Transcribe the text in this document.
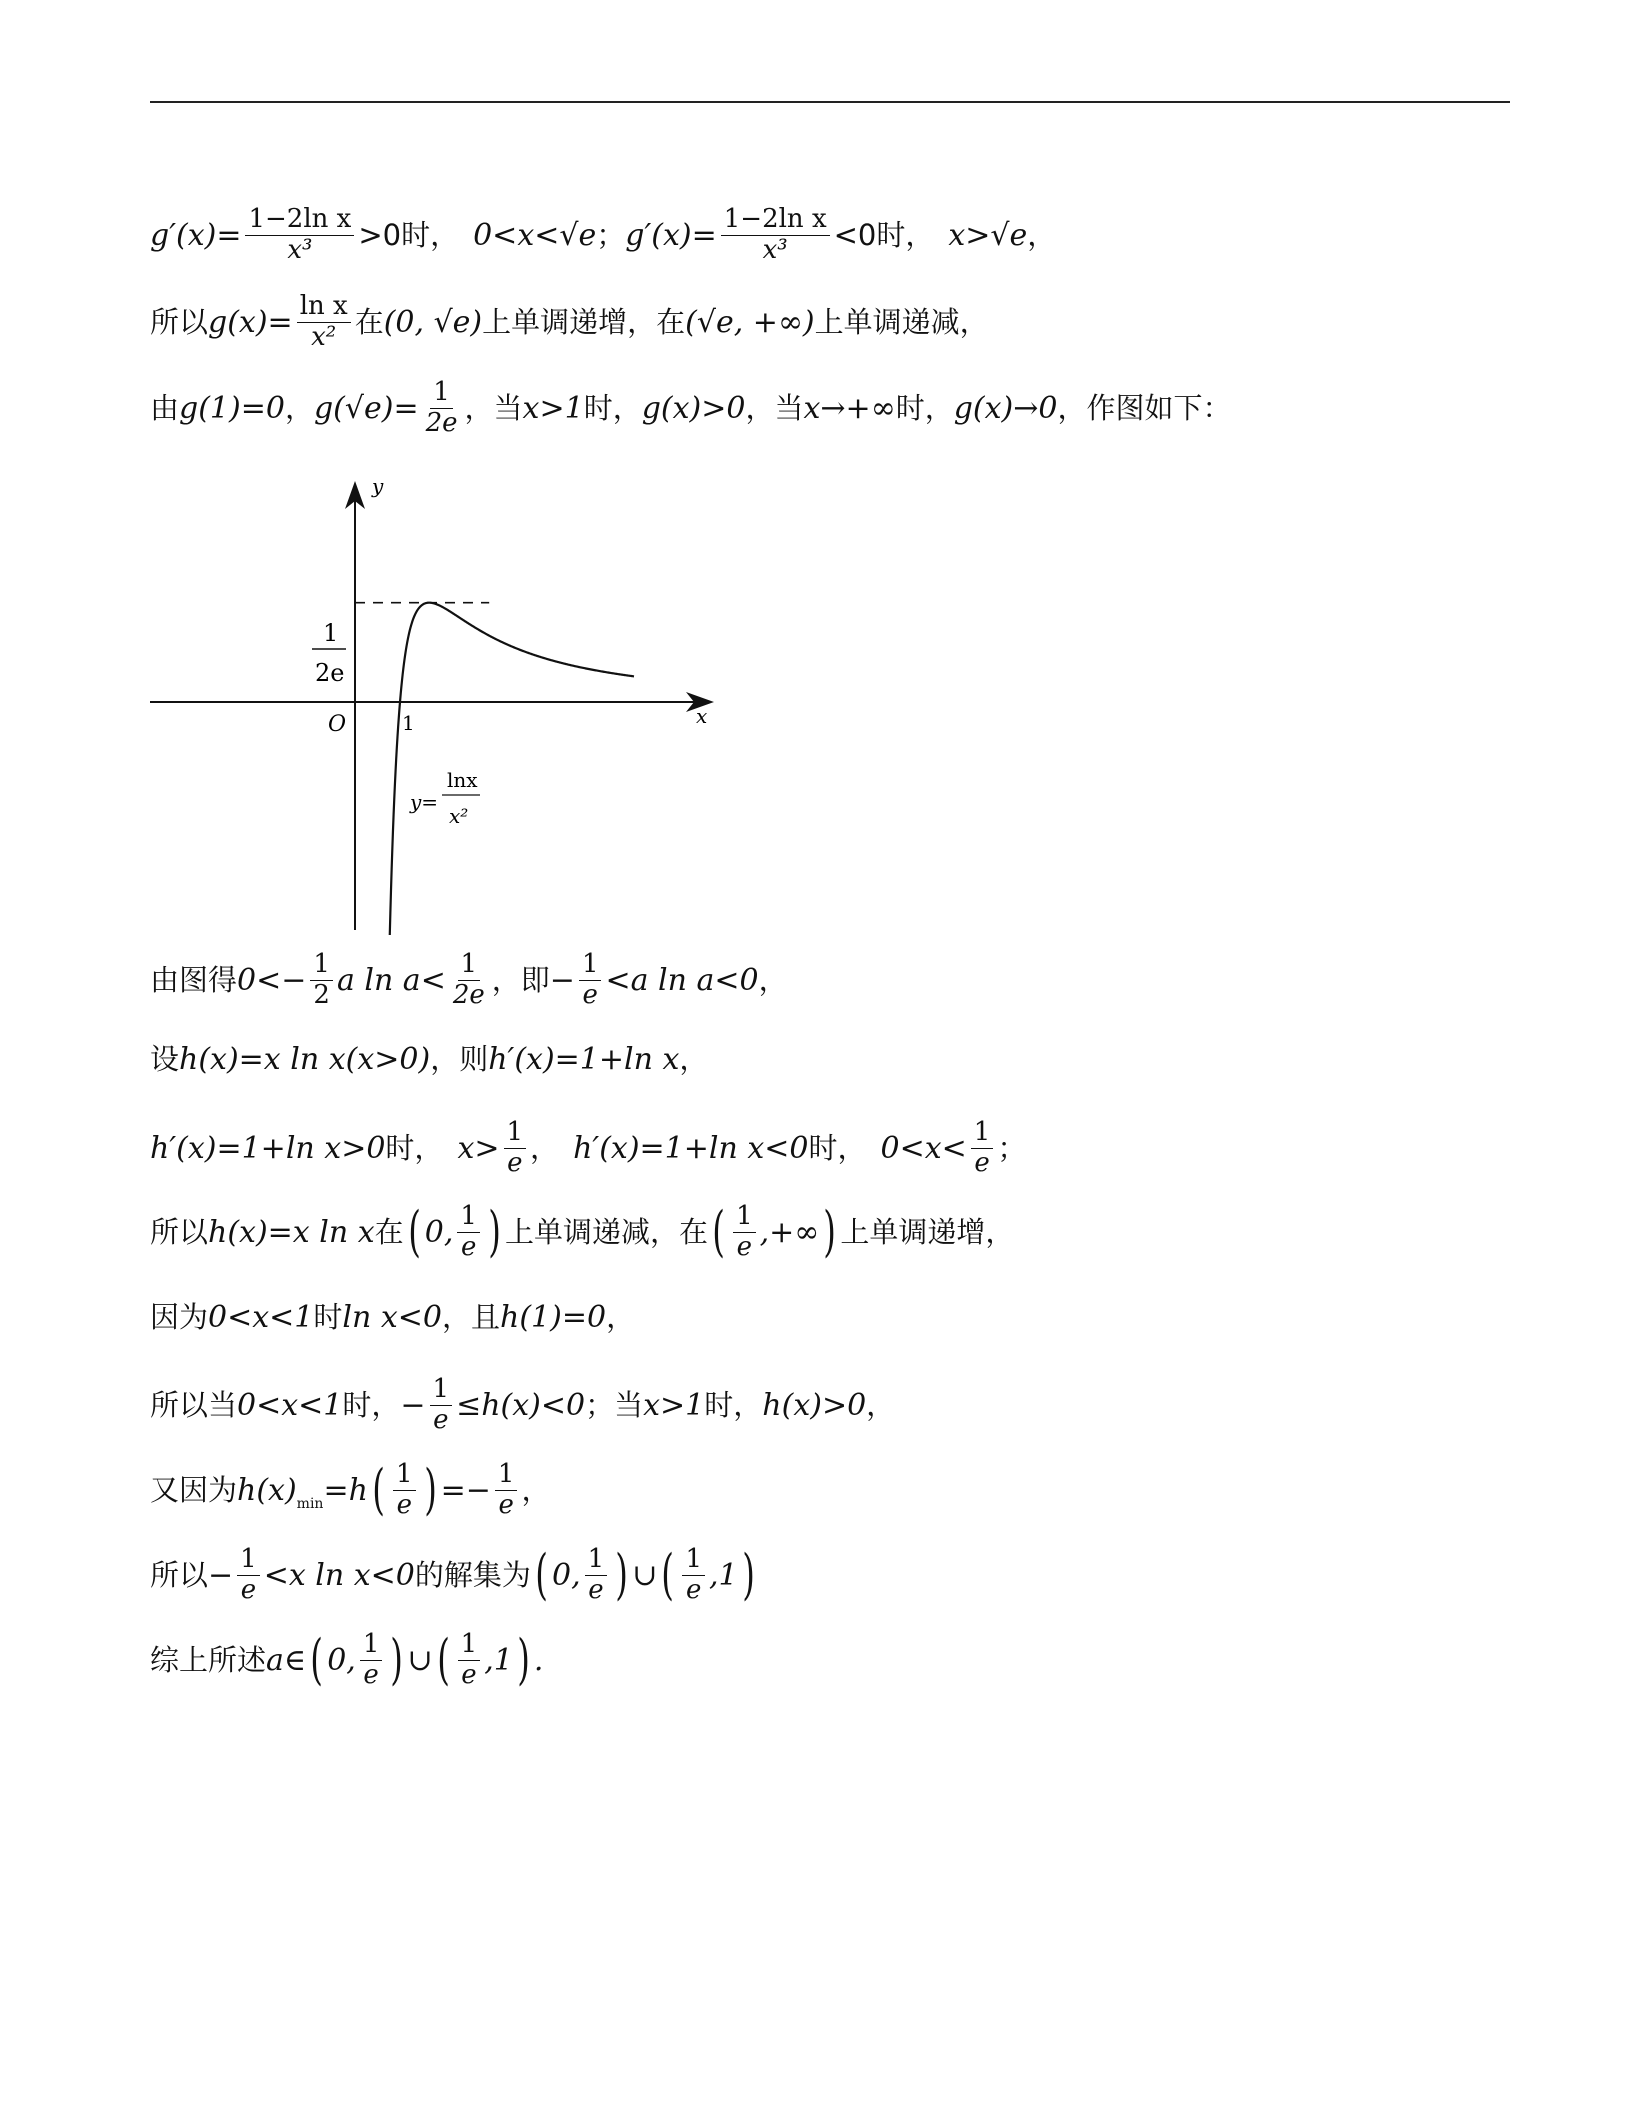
$g'(x)= \frac{\text{1−2ln x}}{\text{x³}} >0$时， 0<x<√e ； $g'(x)= \frac{\text{1−2ln x}}{\text{x³}} <0$时， x>√e ，
所以 $g(x)= \frac{\text{ln x}}{\text{x²}}$ 在 (0, √e) 上单调递增，在 (√e, +∞) 上单调递减，
由 g(1)=0 ， $g(√e)= \frac{1}{2e}$ ，当 x>1 时， g(x)>0 ，当 x→+∞ 时， g(x)→0 ，作图如下：
y
x
O	1
1
2e
y=
lnx
x²
由图得 $0<- \frac{1}{2}$ a $\ln a< \frac{1}{2e}$ ，即 − $\frac{1}{e} <a$ ln a<0 ，
设 h(x)=x ln x(x>0) ，则 h′(x)=1+ln x ，
h′(x)=1+ln x>0 时， $x> \frac{1}{e}$ ， h′(x)=1+ln x<0 时， $0<x< \frac{1}{e}$ ；
所以 h(x)=x ln x 在 ( 0, $\frac{1}{e}$ ) 上单调递减，在 ( $\frac{1}{e}$ ,+∞ ) 上单调递增，
因为 0<x<1 时 ln x<0 ，且 h(1)=0 ，
所以当 0<x<1 时， − $\frac{1}{e} \le h(x)<0$ ；当 x>1 时， h(x)>0 ，
又因为 h(x) min =h ( $\frac{1}{e}$ ) =− $\frac{1}{e}$ ，
所以 − $\frac{1}{e} <x$ ln x<0 的解集为 ( 0, $\frac{1}{e}$ ) ∪ ( $\frac{1}{e} ,1$ )
综上所述 a∈ ( 0, $\frac{1}{e}$ ) ∪ ( $\frac{1}{e} ,1$ ) .
